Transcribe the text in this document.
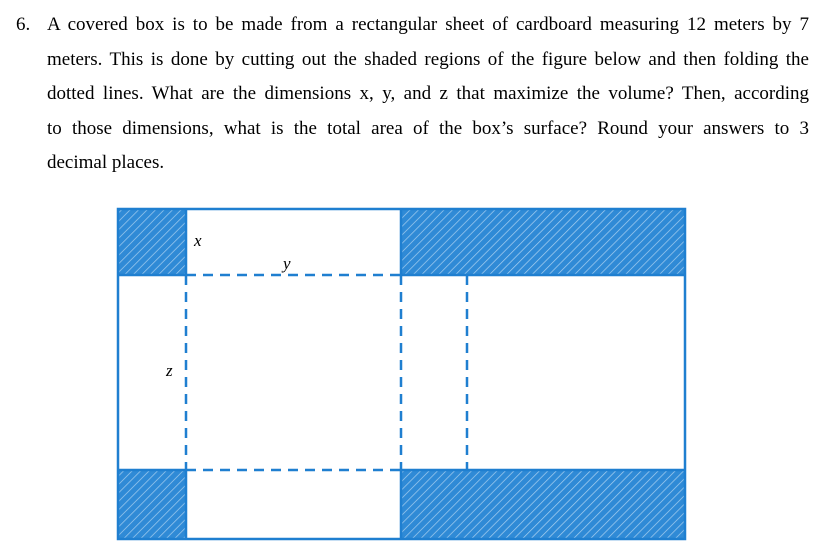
6. A covered box is to be made from a rectangular sheet of cardboard measuring 12 meters by 7
meters. This is done by cutting out the shaded regions of the figure below and then folding the
dotted lines. What are the dimensions x, y, and z that maximize the volume? Then, according
to those dimensions, what is the total area of the box’s surface? Round your answers to 3
decimal places.
x
y
z
